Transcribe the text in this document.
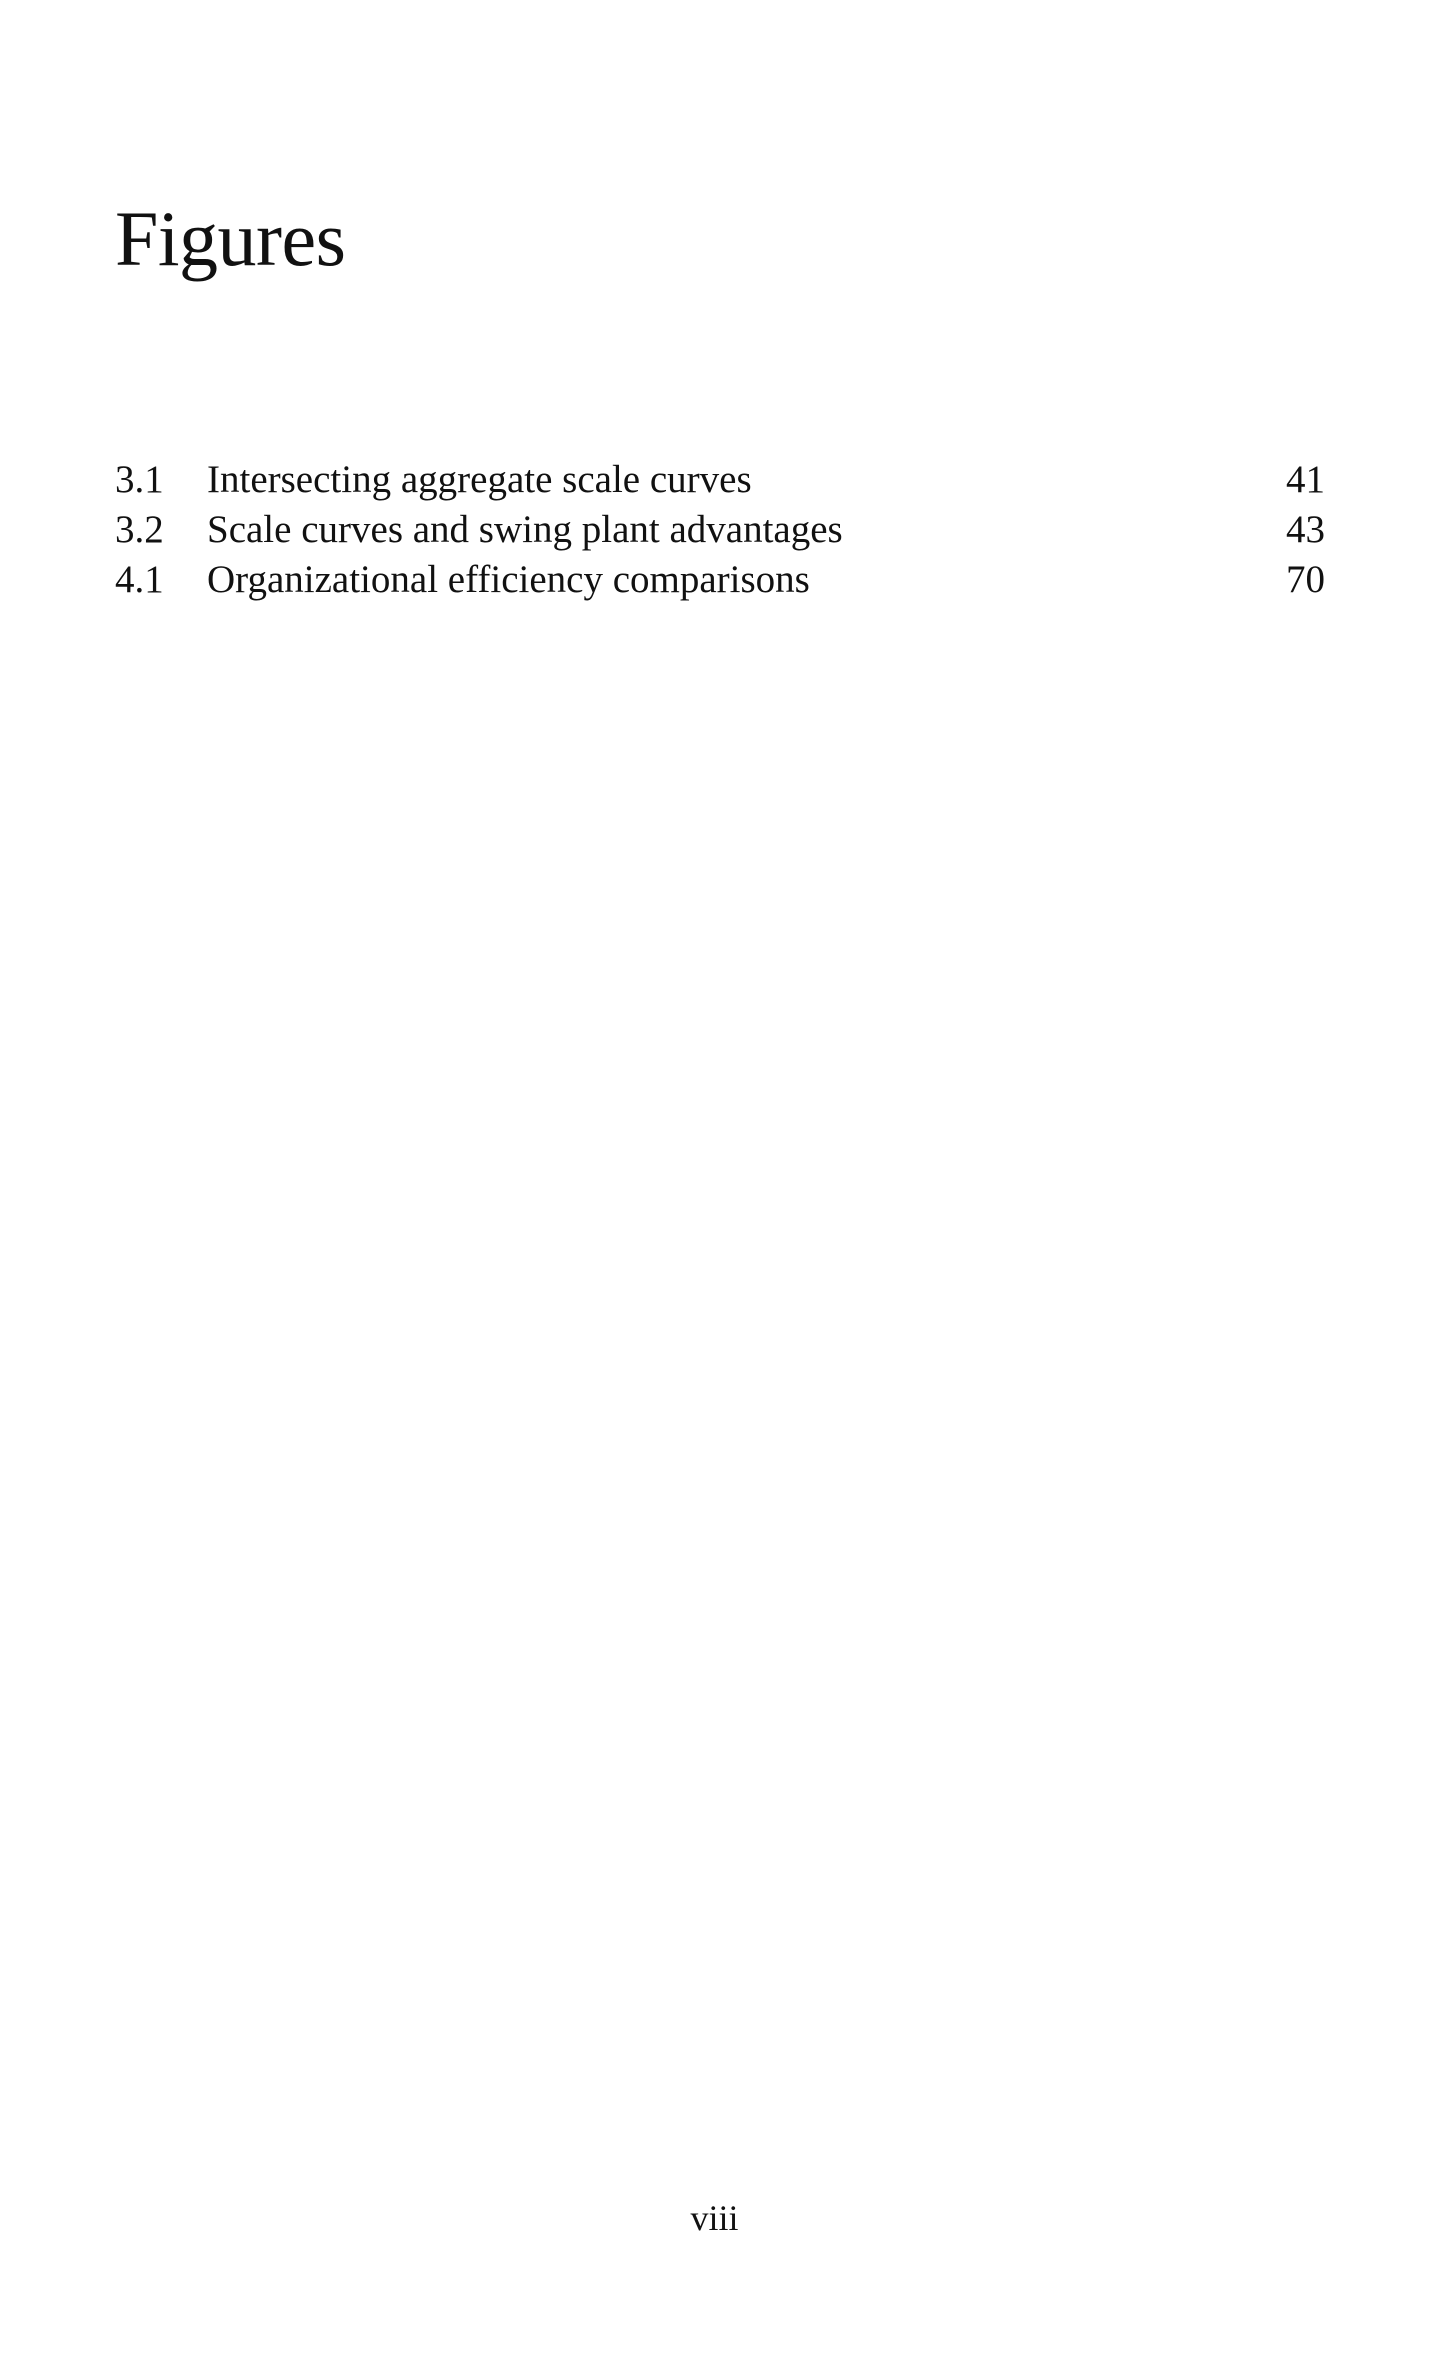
Figures
3.1 Intersecting aggregate scale curves	41
3.2 Scale curves and swing plant advantages	43
4.1 Organizational efficiency comparisons	70
viii
